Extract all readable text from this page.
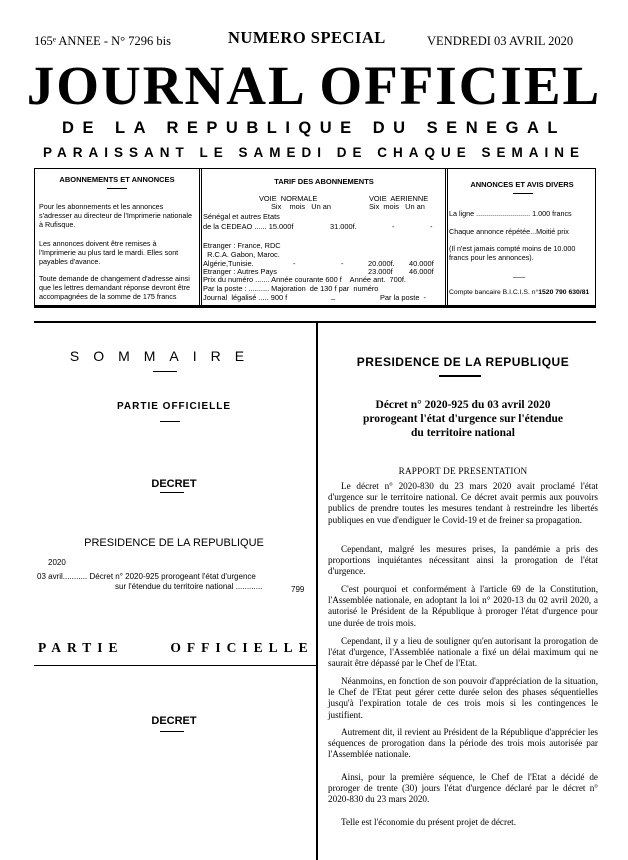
165ᵉ ANNEE - N° 7296 bis	NUMERO SPECIAL	VENDREDI 03 AVRIL 2020
JOURNAL OFFICIEL
DE LA REPUBLIQUE DU SENEGAL
PARAISSANT LE SAMEDI DE CHAQUE SEMAINE
ABONNEMENTS ET ANNONCES
Pour les abonnements et les annonces s'adresser au directeur de l'Imprimerie nationale à Rufisque.
Les annonces doivent être remises à l'Imprimerie au plus tard le mardi. Elles sont payables d'avance.
Toute demande de changement d'adresse ainsi que les lettres demandant réponse devront être accompagnées de la somme de 175 francs
TARIF DES ABONNEMENTS
VOIE  NORMALE	VOIE  AERIENNE
Six    mois   Un an	Six  mois   Un an
Sénégal et autres Etats
de la CEDEAO ...... 15.000f	31.000f.	-	-
Etranger : France, RDC
R.C.A. Gabon, Maroc.
Algérie,Tunisie.	-	-	20.000f. 40.000f
Etranger : Autres Pays	23.000f 46.000f
Prix du numéro ....... Année courante 600 f    Année ant.  700f.
Par la poste : .......... Majoration  de 130 f par  numéro
Journal  légalisé ..... 900 f	_	Par la poste  -
ANNONCES ET AVIS DIVERS
La ligne ........................... 1.000 francs
Chaque annonce répétée...Moitié prix
(Il n'est jamais compté moins de 10.000 francs pour les annonces).
___
Compte bancaire B.I.C.I.S. n°1520 790 630/81
SOMMAIRE
PARTIE OFFICIELLE
DECRET
PRESIDENCE DE LA REPUBLIQUE
2020
03 avril........... Décret n° 2020-925 prorogeant l'état d'urgence
sur l'étendue du territoire national ............	799
PARTIE     OFFICIELLE
DECRET
PRESIDENCE DE LA REPUBLIQUE
Décret n° 2020-925 du 03 avril 2020
prorogeant l'état d'urgence sur l'étendue
du territoire national
RAPPORT DE PRESENTATION
Le décret n° 2020-830 du 23 mars 2020 avait proclamé l'état d'urgence sur le territoire national. Ce décret avait permis aux pouvoirs publics de prendre toutes les mesures tendant à restreindre les libertés publiques en vue d'endiguer le Covid-19 et de freiner sa propagation.
Cependant, malgré les mesures prises, la pandémie a pris des proportions inquiétantes nécessitant ainsi la prorogation de l'état d'urgence.
C'est pourquoi et conformément à l'article 69 de la Constitution, l'Assemblée nationale, en adoptant la loi n° 2020-13 du 02 avril 2020, a autorisé le Président de la République à proroger l'état d'urgence pour une durée de trois mois.
Cependant, il y a lieu de souligner qu'en autorisant la prorogation de l'état d'urgence, l'Assemblée nationale a fixé un délai maximum qui ne saurait être dépassé par le Chef de l'Etat.
Néanmoins, en fonction de son pouvoir d'appréciation de la situation, le Chef de l'Etat peut gérer cette durée selon des phases séquentielles jusqu'à l'expiration totale de ces trois mois si les contingences le justifient.
Autrement dit, il revient au Président de la République d'apprécier les séquences de prorogation dans la période des trois mois autorisée par l'Assemblée nationale.
Ainsi, pour la première séquence, le Chef de l'Etat a décidé de proroger de trente (30) jours l'état d'urgence déclaré par le décret n° 2020-830 du 23 mars 2020.
Telle est l'économie du présent projet de décret.
